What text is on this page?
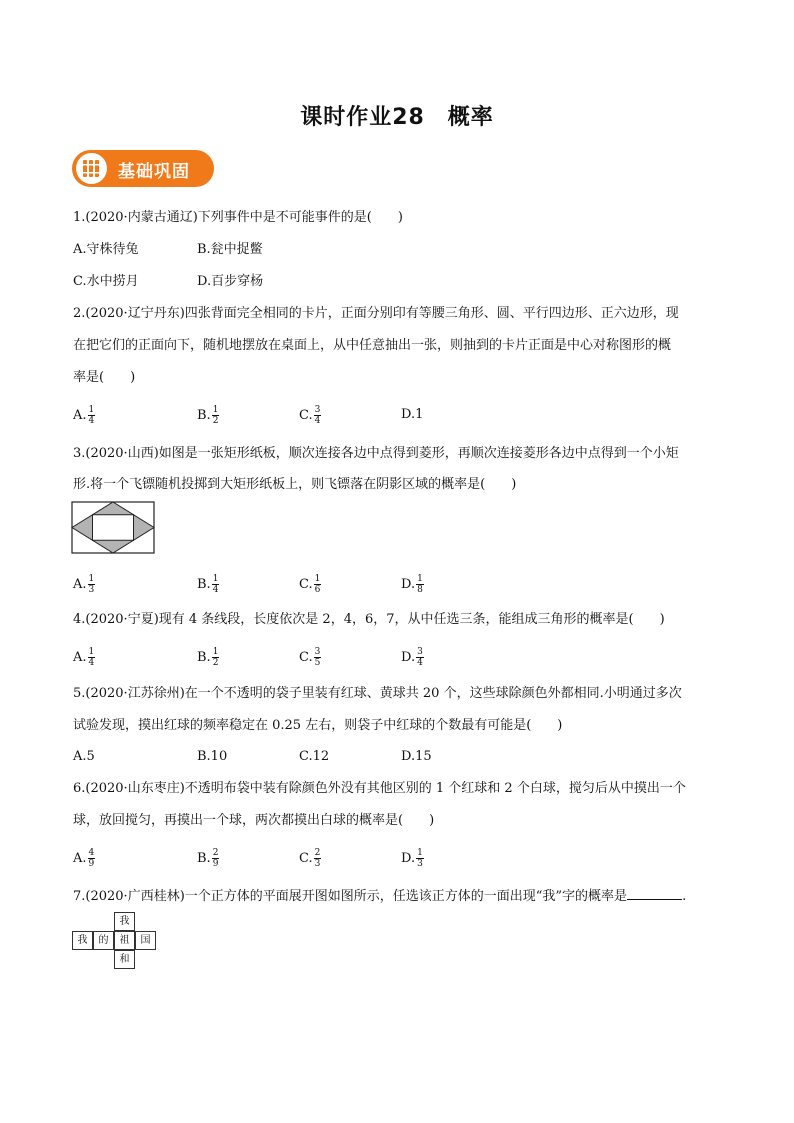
课时作业28　概率
基础巩固
1.(2020·内蒙古通辽)下列事件中是不可能事件的是(　　)
A.守株待兔	B.瓮中捉鳖
C.水中捞月	D.百步穿杨
2.(2020·辽宁丹东)四张背面完全相同的卡片，正面分别印有等腰三角形、圆、平行四边形、正六边形，现
在把它们的正面向下，随机地摆放在桌面上，从中任意抽出一张，则抽到的卡片正面是中心对称图形的概
率是(　　)
A. $\frac{1}{4}$	B. $\frac{1}{2}$	C. $\frac{3}{4}$	D.1
3.(2020·山西)如图是一张矩形纸板，顺次连接各边中点得到菱形，再顺次连接菱形各边中点得到一个小矩
形.将一个飞镖随机投掷到大矩形纸板上，则飞镖落在阴影区域的概率是(　　)
A. $\frac{1}{3}$	B. $\frac{1}{4}$	C. $\frac{1}{6}$	D. $\frac{1}{8}$
4.(2020·宁夏)现有 4 条线段，长度依次是 2，4，6，7，从中任选三条，能组成三角形的概率是(　　)
A. $\frac{1}{4}$	B. $\frac{1}{2}$	C. $\frac{3}{5}$	D. $\frac{3}{4}$
5.(2020·江苏徐州)在一个不透明的袋子里装有红球、黄球共 20 个，这些球除颜色外都相同.小明通过多次
试验发现，摸出红球的频率稳定在 0.25 左右，则袋子中红球的个数最有可能是(　　)
A.5	B.10	C.12	D.15
6.(2020·山东枣庄)不透明布袋中装有除颜色外没有其他区别的 1 个红球和 2 个白球，搅匀后从中摸出一个
球，放回搅匀，再摸出一个球，两次都摸出白球的概率是(　　)
A. $\frac{4}{9}$	B. $\frac{2}{9}$	C. $\frac{2}{3}$	D. $\frac{1}{3}$
7.(2020·广西桂林)一个正方体的平面展开图如图所示，任选该正方体的一面出现“我”字的概率是	.
我
我	的	祖	国
和
